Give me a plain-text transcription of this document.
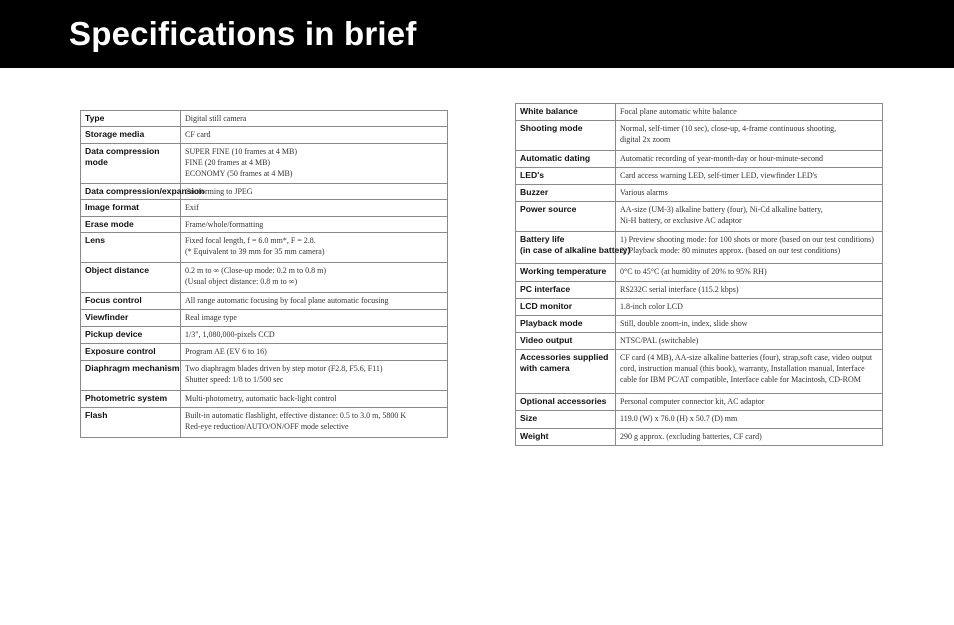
Specifications in brief
Type	Digital still camera

Storage media	CF card

Data compression
mode	SUPER FINE (10 frames at 4 MB)
FINE (20 frames at 4 MB)
ECONOMY (50 frames at 4 MB)

Data compression/expansion	Conforming to JPEG

Image format	Exif

Erase mode	Frame/whole/formatting

Lens	Fixed focal length, f = 6.0 mm*, F = 2.8.
(* Equivalent to 39 mm for 35 mm camera)

Object distance	0.2 m to ∞ (Close-up mode: 0.2 m to 0.8 m)
(Usual object distance: 0.8 m to ∞)

Focus control	All range automatic focusing by focal plane automatic focusing

Viewfinder	Real image type

Pickup device	1/3", 1,080,000-pixels CCD

Exposure control	Program AE (EV 6 to 16)

Diaphragm mechanism	Two diaphragm blades driven by step motor (F2.8, F5.6, F11)
Shutter speed: 1/8 to 1/500 sec

Photometric system	Multi-photometry, automatic back-light control

Flash	Built-in automatic flashlight, effective distance: 0.5 to 3.0 m, 5800 K
Red-eye reduction/AUTO/ON/OFF mode selective
White balance	Focal plane automatic white balance

Shooting mode	Normal, self-timer (10 sec), close-up, 4-frame continuous shooting,
digital 2x zoom

Automatic dating	Automatic recording of year-month-day or hour-minute-second

LED's	Card access warning LED, self-timer LED, viewfinder LED's

Buzzer	Various alarms

Power source	AA-size (UM-3) alkaline battery (four), Ni-Cd alkaline battery,
Ni-H battery, or exclusive AC adaptor

Battery life
(in case of alkaline battery)	1) Preview shooting mode: for 100 shots or more (based on our test conditions)
2) Playback mode: 80 minutes approx. (based on our test conditions)

Working temperature	0°C to 45°C (at humidity of 20% to 95% RH)

PC interface	RS232C serial interface (115.2 kbps)

LCD monitor	1.8-inch color LCD

Playback mode	Still, double zoom-in, index, slide show

Video output	NTSC/PAL (switchable)

Accessories supplied
with camera	CF card (4 MB), AA-size alkaline batteries (four), strap,soft case, video output
cord, instruction manual (this book), warranty, Installation manual, Interface
cable for IBM PC/AT compatible, Interface cable for Macintosh, CD-ROM

Optional accessories	Personal computer connector kit, AC adaptor

Size	119.0 (W) x 76.0 (H) x 50.7 (D) mm

Weight	290 g approx. (excluding batteries, CF card)
